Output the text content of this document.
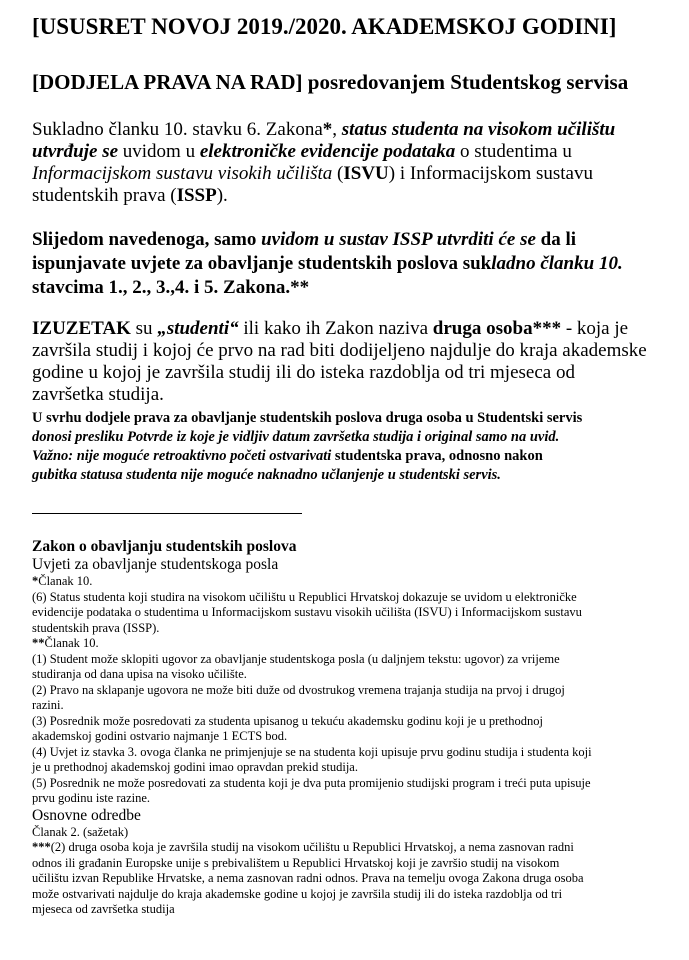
[USUSRET NOVOJ 2019./2020. AKADEMSKOJ GODINI]
[DODJELA PRAVA NA RAD] posredovanjem Studentskog servisa
Sukladno članku 10. stavku 6. Zakona*, status studenta na visokom učilištu
utvrđuje se uvidom u elektroničke evidencije podataka o studentima u
Informacijskom sustavu visokih učilišta (ISVU) i Informacijskom sustavu
studentskih prava (ISSP).
Slijedom navedenoga, samo uvidom u sustav ISSP utvrditi će se da li
ispunjavate uvjete za obavljanje studentskih poslova sukladno članku 10.
stavcima 1., 2., 3.,4. i 5. Zakona.**
IZUZETAK su „studenti“ ili kako ih Zakon naziva druga osoba*** - koja je
završila studij i kojoj će prvo na rad biti dodijeljeno najdulje do kraja akademske
godine u kojoj je završila studij ili do isteka razdoblja od tri mjeseca od
završetka studija.
U svrhu dodjele prava za obavljanje studentskih poslova druga osoba u Studentski servis
donosi presliku Potvrde iz koje je vidljiv datum završetka studija i original samo na uvid.
Važno: nije moguće retroaktivno početi ostvarivati studentska prava, odnosno nakon
gubitka statusa studenta nije moguće naknadno učlanjenje u studentski servis.
Zakon o obavljanju studentskih poslova
Uvjeti za obavljanje studentskoga posla
*Članak 10.
(6) Status studenta koji studira na visokom učilištu u Republici Hrvatskoj dokazuje se uvidom u elektroničke
evidencije podataka o studentima u Informacijskom sustavu visokih učilišta (ISVU) i Informacijskom sustavu
studentskih prava (ISSP).
**Članak 10.
(1) Student može sklopiti ugovor za obavljanje studentskoga posla (u daljnjem tekstu: ugovor) za vrijeme
studiranja od dana upisa na visoko učilište.
(2) Pravo na sklapanje ugovora ne može biti duže od dvostrukog vremena trajanja studija na prvoj i drugoj
razini.
(3) Posrednik može posredovati za studenta upisanog u tekuću akademsku godinu koji je u prethodnoj
akademskoj godini ostvario najmanje 1 ECTS bod.
(4) Uvjet iz stavka 3. ovoga članka ne primjenjuje se na studenta koji upisuje prvu godinu studija i studenta koji
je u prethodnoj akademskoj godini imao opravdan prekid studija.
(5) Posrednik ne može posredovati za studenta koji je dva puta promijenio studijski program i treći puta upisuje
prvu godinu iste razine.
Osnovne odredbe
Članak 2. (sažetak)
***(2) druga osoba koja je završila studij na visokom učilištu u Republici Hrvatskoj, a nema zasnovan radni
odnos ili građanin Europske unije s prebivalištem u Republici Hrvatskoj koji je završio studij na visokom
učilištu izvan Republike Hrvatske, a nema zasnovan radni odnos. Prava na temelju ovoga Zakona druga osoba
može ostvarivati najdulje do kraja akademske godine u kojoj je završila studij ili do isteka razdoblja od tri
mjeseca od završetka studija
